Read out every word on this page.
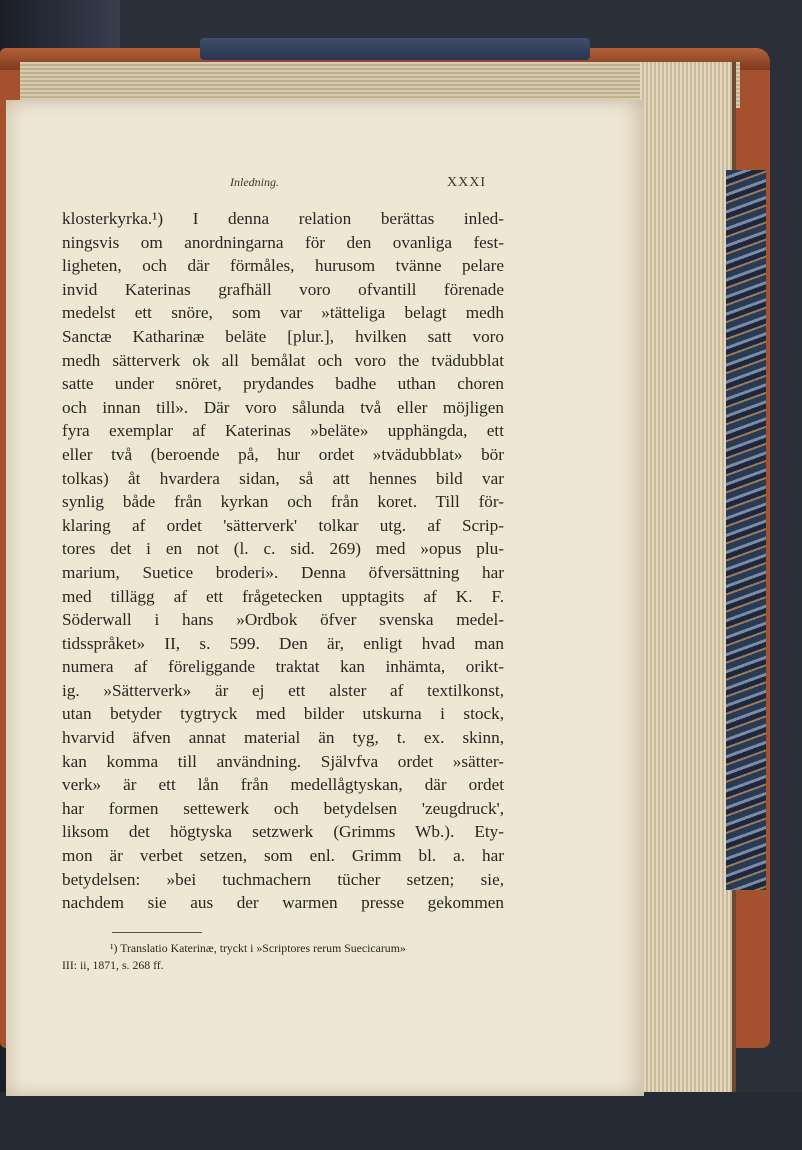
Inledning.	XXXI
klosterkyrka.¹) I denna relation berättas inled-
ningsvis om anordningarna för den ovanliga fest-
ligheten, och där förmåles, hurusom tvänne pelare
invid Katerinas grafhäll voro ofvantill förenade
medelst ett snöre, som var »tätteliga belagt medh
Sanctæ Katharinæ beläte [plur.], hvilken satt voro
medh sätterverk ok all bemålat och voro the tvädubblat
satte under snöret, prydandes badhe uthan choren
och innan till». Där voro sålunda två eller möjligen
fyra exemplar af Katerinas »beläte» upphängda, ett
eller två (beroende på, hur ordet »tvädubblat» bör
tolkas) åt hvardera sidan, så att hennes bild var
synlig både från kyrkan och från koret. Till för-
klaring af ordet 'sätterverk' tolkar utg. af Scrip-
tores det i en not (l. c. sid. 269) med »opus plu-
marium, Suetice broderi». Denna öfversättning har
med tillägg af ett frågetecken upptagits af K. F.
Söderwall i hans »Ordbok öfver svenska medel-
tidsspråket» II, s. 599. Den är, enligt hvad man
numera af föreliggande traktat kan inhämta, orikt-
ig. »Sätterverk» är ej ett alster af textilkonst,
utan betyder tygtryck med bilder utskurna i stock,
hvarvid äfven annat material än tyg, t. ex. skinn,
kan komma till användning. Självfva ordet »sätter-
verk» är ett lån från medellågtyskan, där ordet
har formen settewerk och betydelsen 'zeugdruck',
liksom det högtyska setzwerk (Grimms Wb.). Ety-
mon är verbet setzen, som enl. Grimm bl. a. har
betydelsen: »bei tuchmachern tücher setzen; sie,
nachdem sie aus der warmen presse gekommen
¹) Translatio Katerinæ, tryckt i »Scriptores rerum Suecicarum»
III: ii, 1871, s. 268 ff.
